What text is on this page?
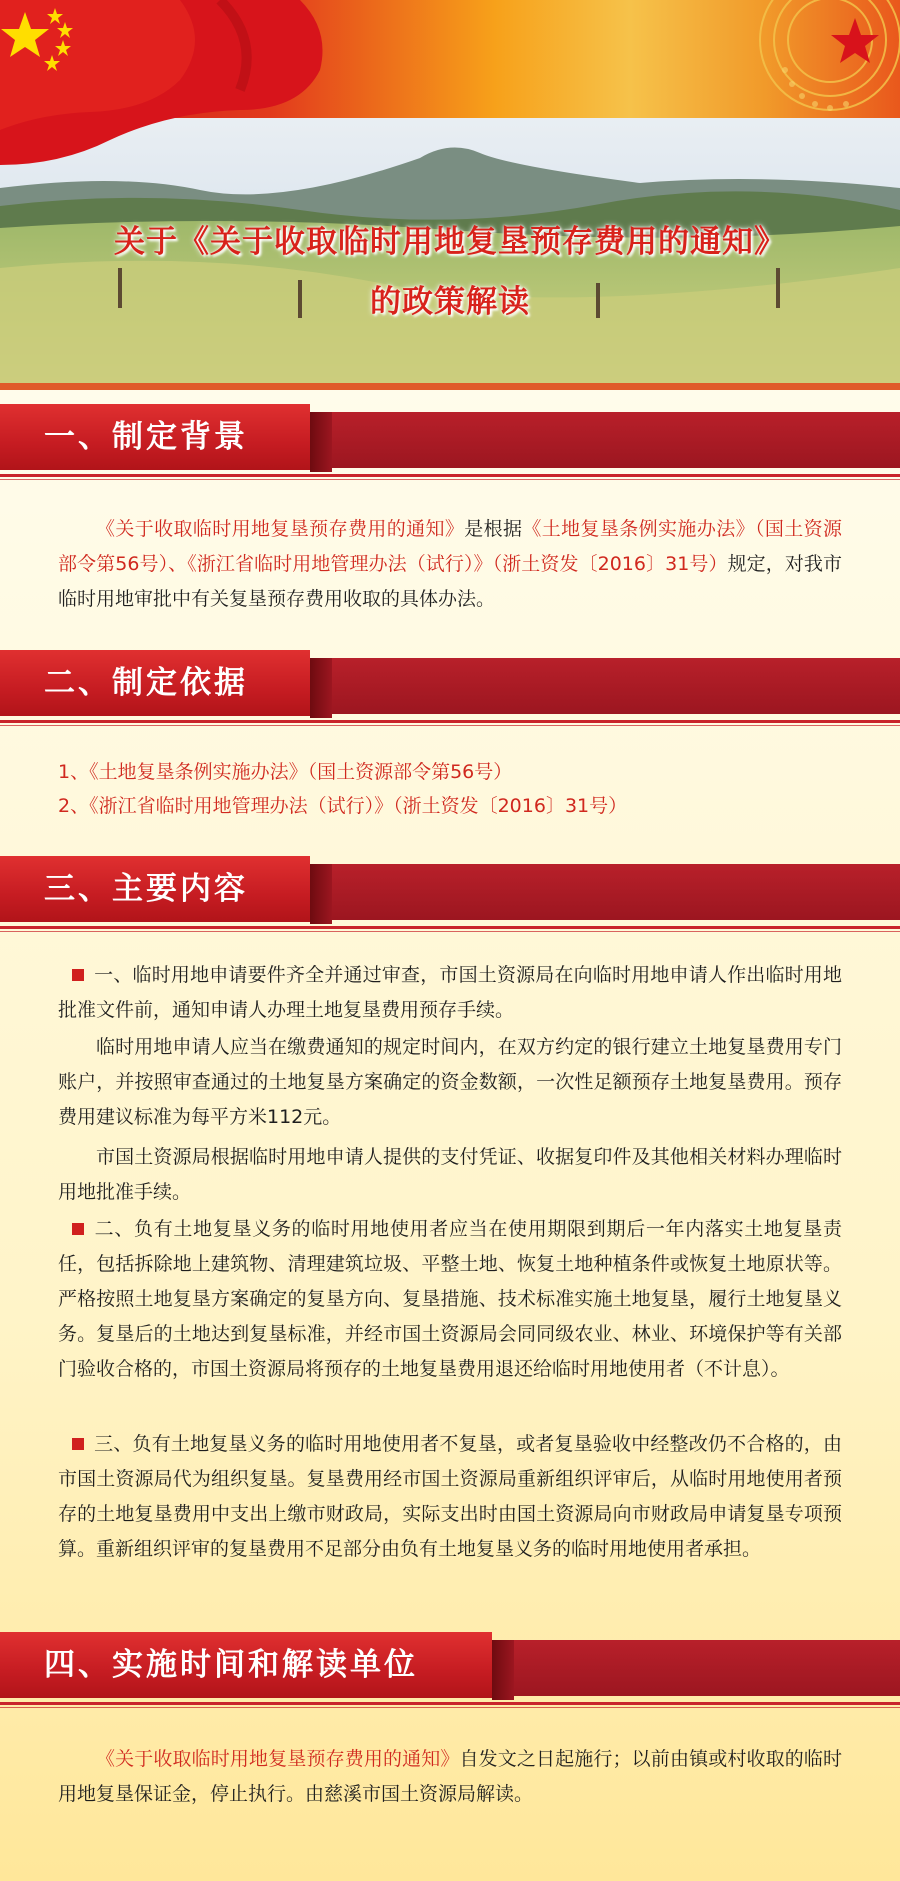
关于《关于收取临时用地复垦预存费用的通知》
的政策解读
一、制定背景
《关于收取临时用地复垦预存费用的通知》是根据《土地复垦条例实施办法》（国土资源部令第56号）、《浙江省临时用地管理办法（试行）》（浙土资发〔2016〕31号）规定，对我市临时用地审批中有关复垦预存费用收取的具体办法。
二、制定依据
1、《土地复垦条例实施办法》（国土资源部令第56号）
2、《浙江省临时用地管理办法（试行）》（浙土资发〔2016〕31号）
三、主要内容
一、临时用地申请要件齐全并通过审查，市国土资源局在向临时用地申请人作出临时用地批准文件前，通知申请人办理土地复垦费用预存手续。
临时用地申请人应当在缴费通知的规定时间内，在双方约定的银行建立土地复垦费用专门账户，并按照审查通过的土地复垦方案确定的资金数额，一次性足额预存土地复垦费用。预存费用建议标准为每平方米112元。
市国土资源局根据临时用地申请人提供的支付凭证、收据复印件及其他相关材料办理临时用地批准手续。
二、负有土地复垦义务的临时用地使用者应当在使用期限到期后一年内落实土地复垦责任，包括拆除地上建筑物、清理建筑垃圾、平整土地、恢复土地种植条件或恢复土地原状等。严格按照土地复垦方案确定的复垦方向、复垦措施、技术标准实施土地复垦，履行土地复垦义务。复垦后的土地达到复垦标准，并经市国土资源局会同同级农业、林业、环境保护等有关部门验收合格的，市国土资源局将预存的土地复垦费用退还给临时用地使用者（不计息）。
三、负有土地复垦义务的临时用地使用者不复垦，或者复垦验收中经整改仍不合格的，由市国土资源局代为组织复垦。复垦费用经市国土资源局重新组织评审后，从临时用地使用者预存的土地复垦费用中支出上缴市财政局，实际支出时由国土资源局向市财政局申请复垦专项预算。重新组织评审的复垦费用不足部分由负有土地复垦义务的临时用地使用者承担。
四、实施时间和解读单位
《关于收取临时用地复垦预存费用的通知》自发文之日起施行；以前由镇或村收取的临时用地复垦保证金，停止执行。由慈溪市国土资源局解读。
